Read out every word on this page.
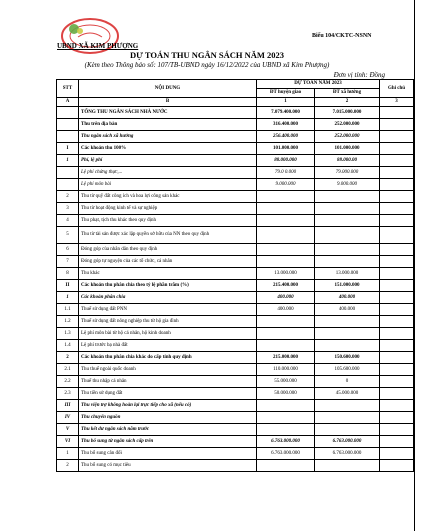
Biểu 104/CKTC-NSNN
UBND XÃ KIM PHƯỢNG
DỰ TOÁN THU NGÂN SÁCH NĂM 2023
(Kèm theo Thông báo số: 107/TB-UBND ngày 16/12/2022 của UBND xã Kim Phượng)
Đơn vị tính: Đồng
STT	NỘI DUNG	DỰ TOÁN NĂM 2023		Ghi chú
		ĐT huyện giao	ĐT xã hưởng	
A	B	1	2	3
	TỔNG THU NGÂN SÁCH NHÀ NƯỚC	7.079.400.000	7.015.000.000	
	Thu trên địa bàn	316.400.000	252.000.000	
	Thu ngân sách xã hưởng	256.400.000	252.000.000	
I	Các khoản thu 100%	101.000.000	101.000.000	
1	Phí, lệ phí	88.000.000	88.000.00	
	Lệ phí chứng thực,...	79.0 0.000	79.000.000	
	Lệ phí môn bài	9.000.000	9.000.000	
2	Thu từ quỹ đất công ích và hoa lợi công sản khác			
3	Thu từ hoạt động kinh tế và sự nghiệp			
4	Thu phạt, tịch thu khác theo quy định			
5	Thu từ tài sản được xác lập quyền sở hữu của NN theo quy định			
6	Đóng góp của nhân dân theo quy định			
7	Đóng góp tự nguyện của các tổ chức, cá nhân			
8	Thu khác	13.000.000	13.000.000	
II	Các khoản thu phân chia theo tỷ lệ phần trăm (%)	215.400.000	151.000.000	
1	Các khoản phân chia	400.000	400.000	
1.1	Thuế sử dụng đất PNN	400.000	400.000	
1.2	Thuế sử dụng đất nông nghiệp thu từ hộ gia đình			
1.3	Lệ phí môn bài từ hộ cá nhân, hộ kinh doanh			
1.4	Lệ phí trước bạ nhà đất			
2	Các khoản thu phân chia khác do cấp tỉnh quy định	215.000.000	150.600.000	
2.1	Thu thuế ngoài quốc doanh	110.000.000	105.600.000	
2.2	Thuế thu nhập cá nhân	55.000.000	0	
2.3	Thu tiền sử dụng đất	50.000.000	45.000.000	
III	Thu viện trợ không hoàn lại trực tiếp cho xã (nếu có)			
IV	Thu chuyển nguồn			
V	Thu kết dư ngân sách năm trước			
VI	Thu bổ sung từ ngân sách cấp trên	6.763.000.000	6.763.000.000	
1	Thu bổ sung cân đối	6.763.000.000	6.763.000.000	
2	Thu bổ sung có mục tiêu			
